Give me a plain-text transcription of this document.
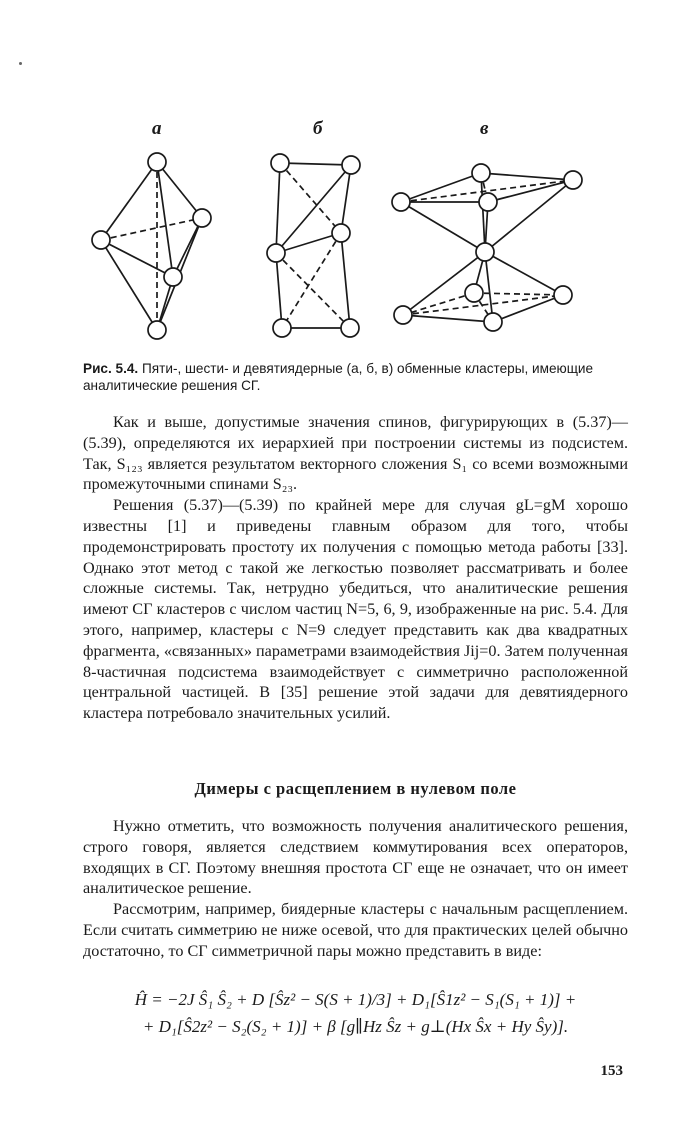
а	б	в
Рис. 5.4. Пяти-, шести- и девятиядерные (а, б, в) обменные кластеры, имеющие аналитические решения СГ.

Как и выше, допустимые значения спинов, фигурирующих в (5.37)—(5.39), определяются их иерархией при построении системы из подсистем. Так, S₁₂₃ является результатом векторного сложения S₁ со всеми возможными промежуточными спинами S₂₃.

Решения (5.37)—(5.39) по крайней мере для случая gL=gM хорошо известны [1] и приведены главным образом для того, чтобы продемонстрировать простоту их получения с помощью метода работы [33]. Однако этот метод с такой же легкостью позволяет рассматривать и более сложные системы. Так, нетрудно убедиться, что аналитические решения имеют СГ кластеров с числом частиц N=5, 6, 9, изображенные на рис. 5.4. Для этого, например, кластеры с N=9 следует представить как два квадратных фрагмента, «связанных» параметрами взаимодействия Jij=0. Затем полученная 8-частичная подсистема взаимодействует с симметрично расположенной центральной частицей. В [35] решение этой задачи для девятиядерного кластера потребовало значительных усилий.

Димеры с расщеплением в нулевом поле

Нужно отметить, что возможность получения аналитического решения, строго говоря, является следствием коммутирования всех операторов, входящих в СГ. Поэтому внешняя простота СГ еще не означает, что он имеет аналитическое решение.

Рассмотрим, например, биядерные кластеры с начальным расщеплением. Если считать симметрию не ниже осевой, что для практических целей обычно достаточно, то СГ симметричной пары можно представить в виде:

Ĥ = −2J Ŝ₁ Ŝ₂ + D [Ŝz² − S(S + 1)/3] + D₁[Ŝ1z² − S₁(S₁ + 1)] +
+ D₁[Ŝ2z² − S₂(S₂ + 1)] + β [g∥Hz Ŝz + g⊥(Hx Ŝx + Hy Ŝy)].
153
